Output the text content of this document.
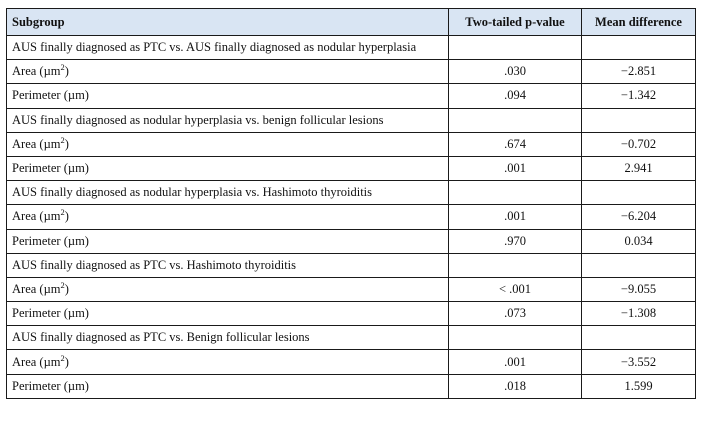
Subgroup	Two-tailed p-value	Mean difference
AUS finally diagnosed as PTC vs. AUS finally diagnosed as nodular hyperplasia		
Area (µm$^2$)	.030	−2.851
Perimeter (µm)	.094	−1.342
AUS finally diagnosed as nodular hyperplasia vs. benign follicular lesions		
Area (µm$^2$)	.674	−0.702
Perimeter (µm)	.001	2.941
AUS finally diagnosed as nodular hyperplasia vs. Hashimoto thyroiditis		
Area (µm$^2$)	.001	−6.204
Perimeter (µm)	.970	0.034
AUS finally diagnosed as PTC vs. Hashimoto thyroiditis		
Area (µm$^2$)	< .001	−9.055
Perimeter (µm)	.073	−1.308
AUS finally diagnosed as PTC vs. Benign follicular lesions		
Area (µm$^2$)	.001	−3.552
Perimeter (µm)	.018	1.599
